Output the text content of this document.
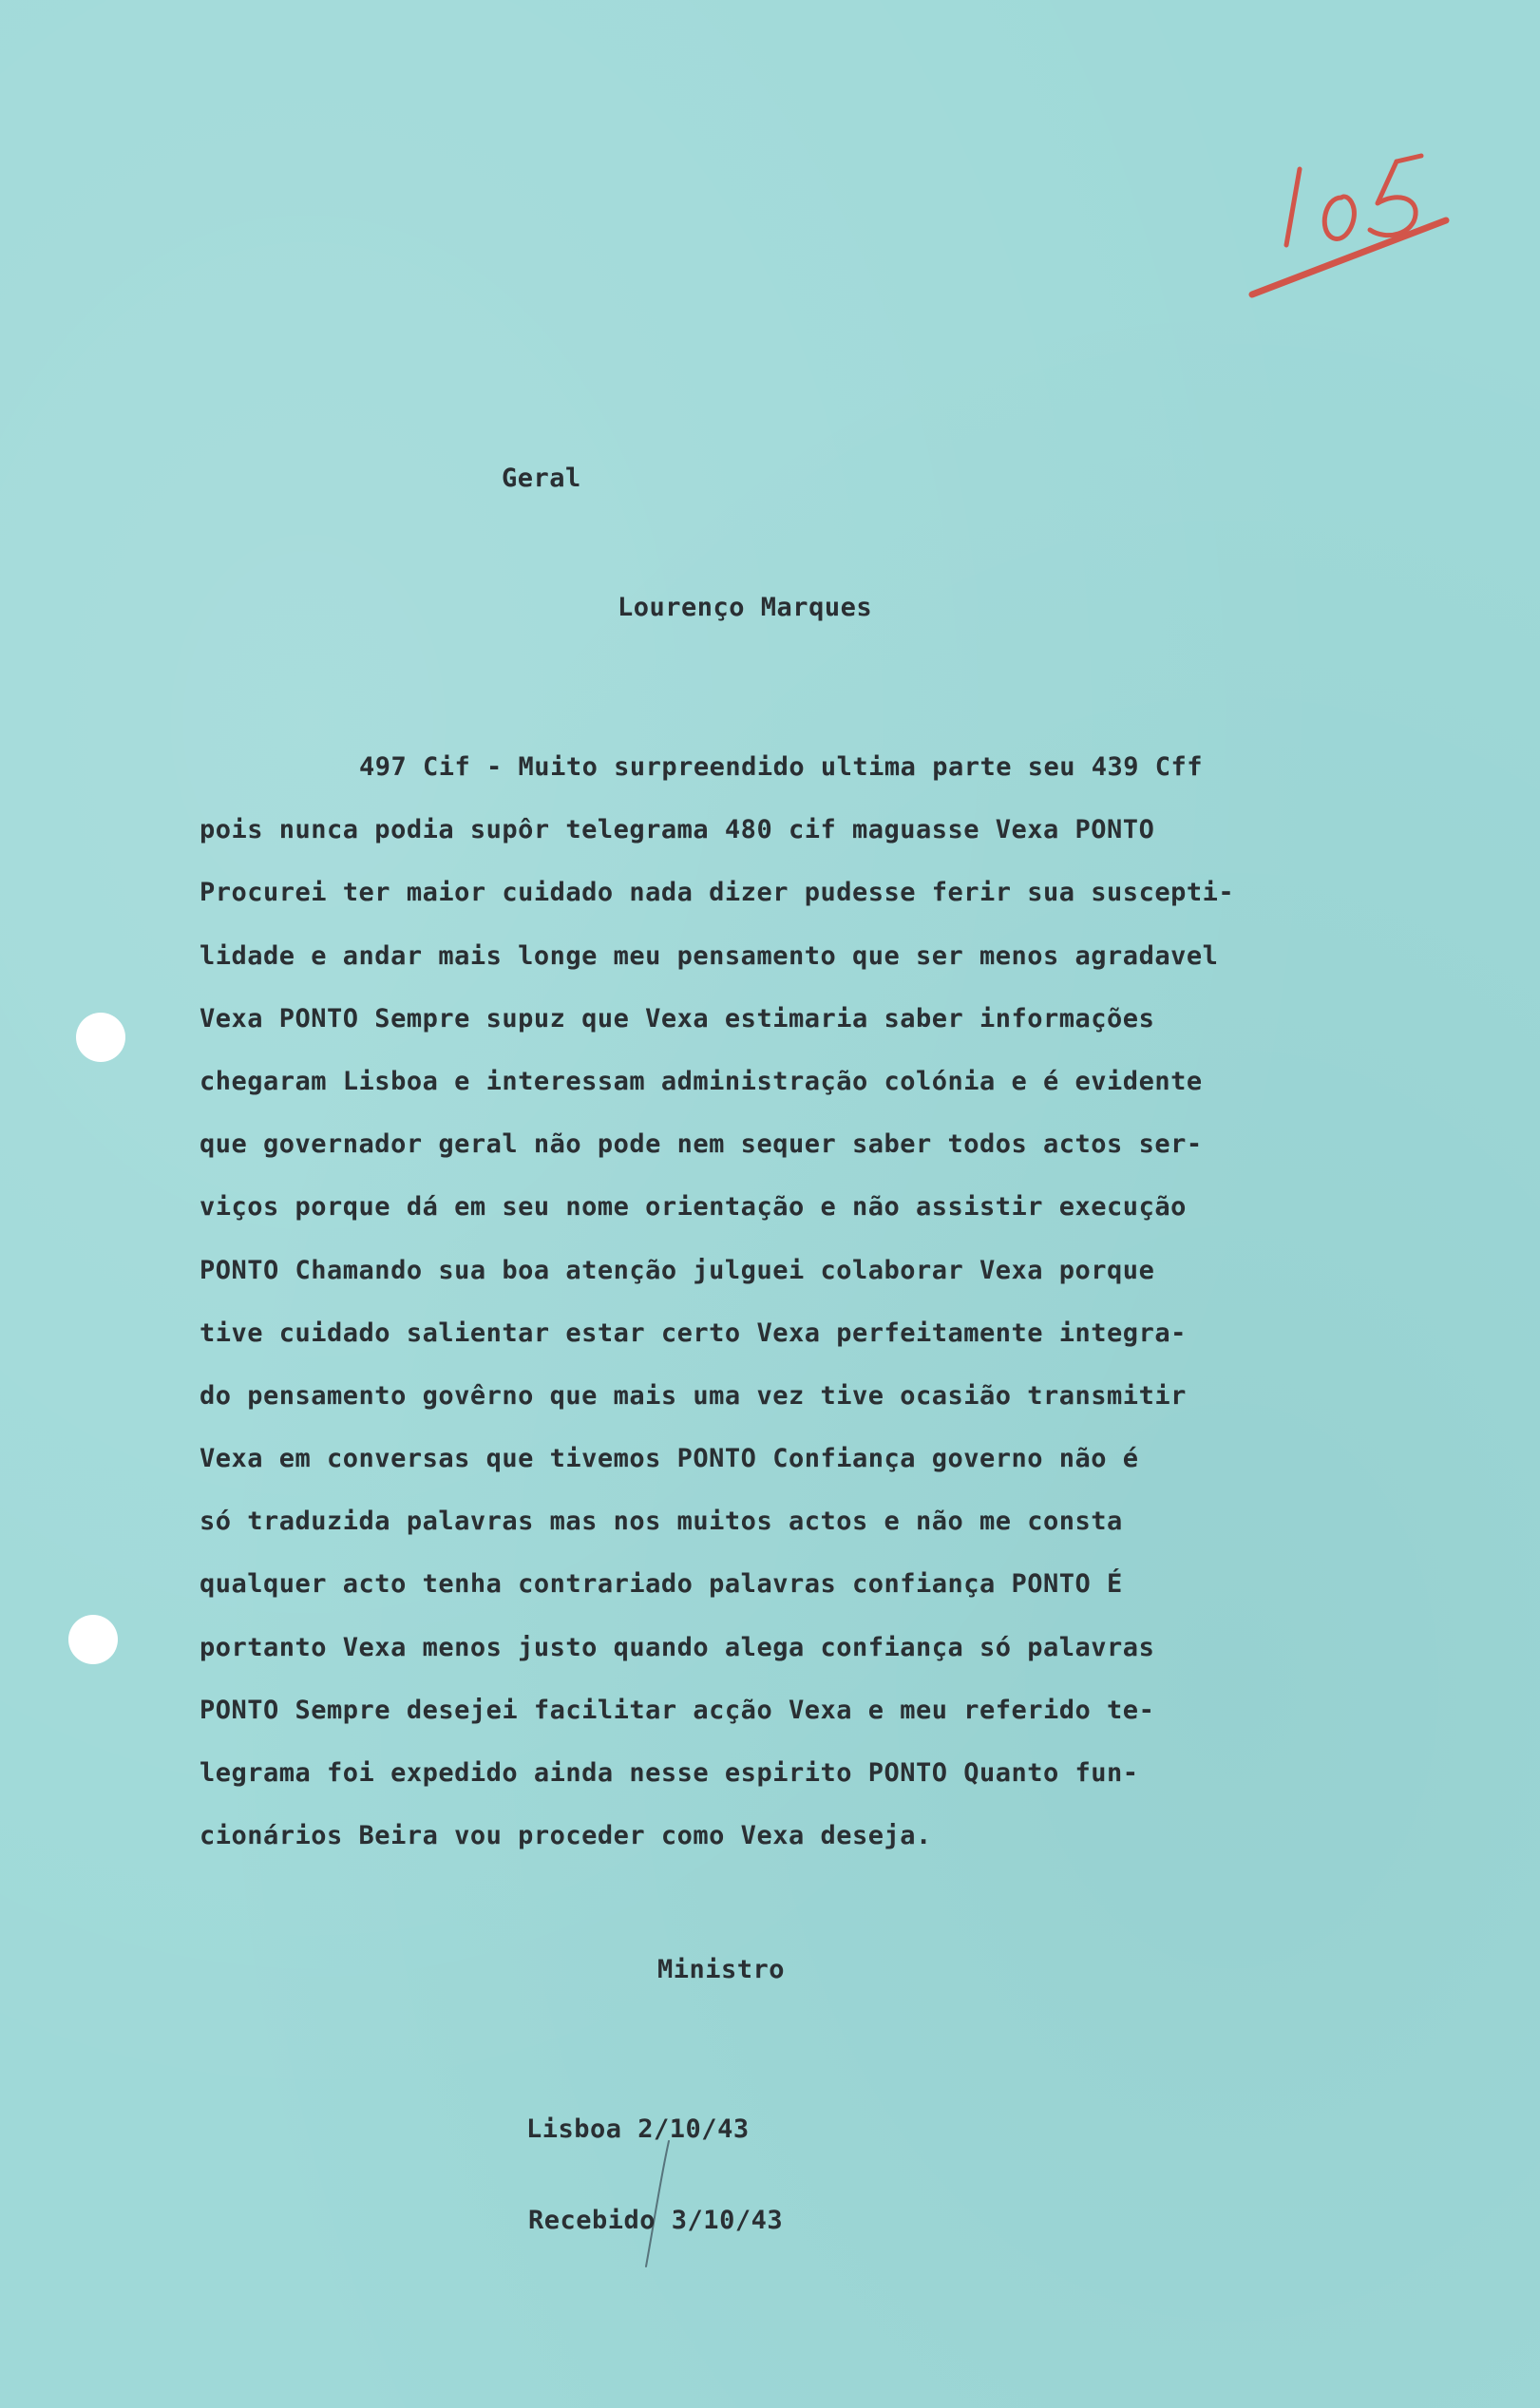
Geral
Lourenço Marques
497 Cif - Muito surpreendido ultima parte seu 439 Cff
pois nunca podia supôr telegrama 480 cif maguasse Vexa PONTO
Procurei ter maior cuidado nada dizer pudesse ferir sua suscepti-
lidade e andar mais longe meu pensamento que ser menos agradavel
Vexa PONTO Sempre supuz que Vexa estimaria saber informações
chegaram Lisboa e interessam administração colónia e é evidente
que governador geral não pode nem sequer saber todos actos ser-
viços porque dá em seu nome orientação e não assistir execução
PONTO Chamando sua boa atenção julguei colaborar Vexa porque
tive cuidado salientar estar certo Vexa perfeitamente integra-
do pensamento govêrno que mais uma vez tive ocasião transmitir
Vexa em conversas que tivemos PONTO Confiança governo não é
só traduzida palavras mas nos muitos actos e não me consta
qualquer acto tenha contrariado palavras confiança PONTO É
portanto Vexa menos justo quando alega confiança só palavras
PONTO Sempre desejei facilitar acção Vexa e meu referido te-
legrama foi expedido ainda nesse espirito PONTO Quanto fun-
cionários Beira vou proceder como Vexa deseja.
Ministro
Lisboa 2/10/43
Recebido 3/10/43
